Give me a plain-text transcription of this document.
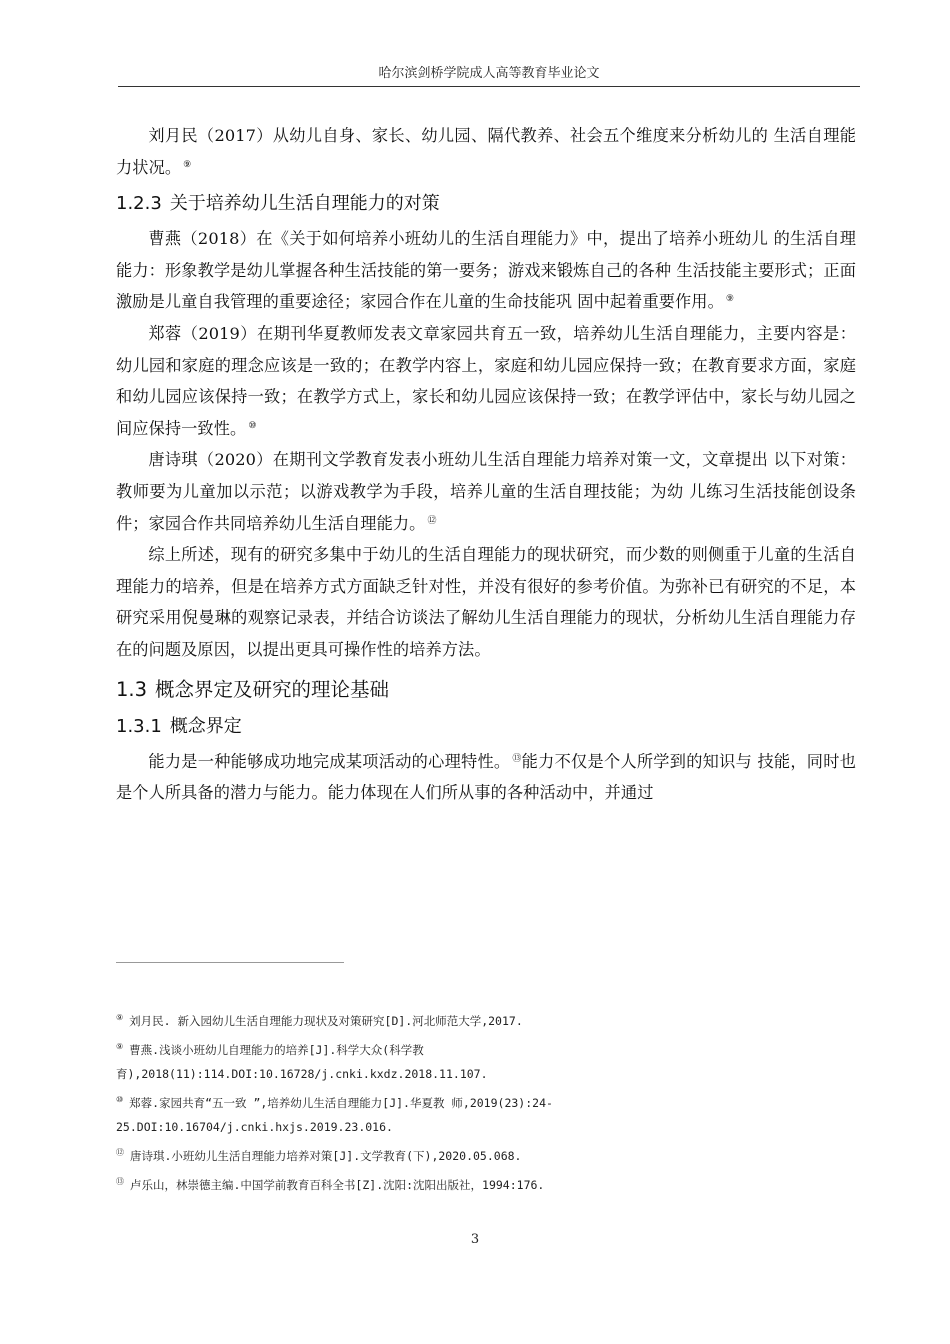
哈尔滨剑桥学院成人高等教育毕业论文

刘月民（2017）从幼儿自身、家长、幼儿园、隔代教养、社会五个维度来分析幼儿的 生活自理能力状况。 ⑨

1.2.3 关于培养幼儿生活自理能力的对策

曹燕（2018）在《关于如何培养小班幼儿的生活自理能力》中，提出了培养小班幼儿 的生活自理能力：形象教学是幼儿掌握各种生活技能的第一要务；游戏来锻炼自己的各种 生活技能主要形式；正面激励是儿童自我管理的重要途径；家园合作在儿童的生命技能巩 固中起着重要作用。 ⑨

郑蓉（2019）在期刊华夏教师发表文章家园共育五一致，培养幼儿生活自理能力，主要内容是：幼儿园和家庭的理念应该是一致的；在教学内容上，家庭和幼儿园应保持一致；在教育要求方面，家庭和幼儿园应该保持一致；在教学方式上，家长和幼儿园应该保持一致；在教学评估中，家长与幼儿园之间应保持一致性。 ⑩

唐诗琪（2020）在期刊文学教育发表小班幼儿生活自理能力培养对策一文，文章提出 以下对策：教师要为儿童加以示范；以游戏教学为手段，培养儿童的生活自理技能；为幼 儿练习生活技能创设条件；家园合作共同培养幼儿生活自理能力。 ⑫

综上所述，现有的研究多集中于幼儿的生活自理能力的现状研究，而少数的则侧重于儿童的生活自理能力的培养，但是在培养方式方面缺乏针对性，并没有很好的参考价值。为弥补已有研究的不足，本研究采用倪曼琳的观察记录表，并结合访谈法了解幼儿生活自理能力的现状，分析幼儿生活自理能力存在的问题及原因，以提出更具可操作性的培养方法。

1.3 概念界定及研究的理论基础
1.3.1 概念界定

能力是一种能够成功地完成某项活动的心理特性。 ⑬能力不仅是个人所学到的知识与 技能，同时也是个人所具备的潜力与能力。能力体现在人们所从事的各种活动中，并通过

⑨ 刘月民. 新入园幼儿生活自理能力现状及对策研究[D].河北师范大学,2017.
⑨ 曹燕.浅谈小班幼儿自理能力的培养[J].科学大众(科学教育),2018(11):114.DOI:10.16728/j.cnki.kxdz.2018.11.107.
⑩ 郑蓉.家园共育“五一致 ”,培养幼儿生活自理能力[J].华夏教 师,2019(23):24-25.DOI:10.16704/j.cnki.hxjs.2019.23.016.
⑫ 唐诗琪.小班幼儿生活自理能力培养对策[J].文学教育(下),2020.05.068.
⑬ 卢乐山，林崇德主编.中国学前教育百科全书[Z].沈阳:沈阳出版社，1994:176.
3
